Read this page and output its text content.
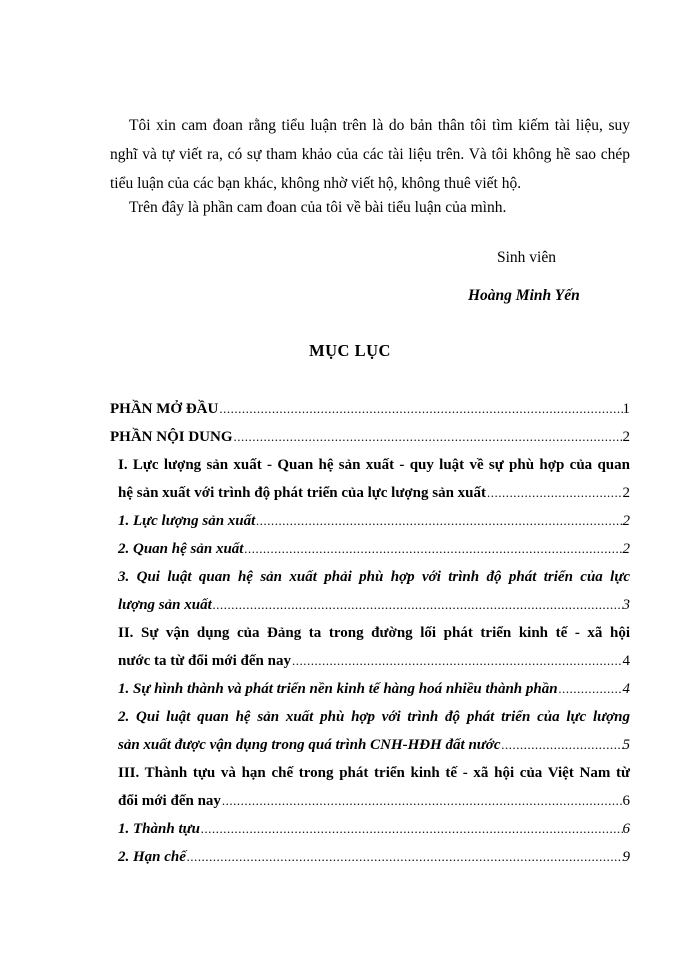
Tôi xin cam đoan rằng tiểu luận trên là do bản thân tôi tìm kiếm tài liệu, suy nghĩ và tự viết ra, có sự tham khảo của các tài liệu trên. Và tôi không hề sao chép tiểu luận của các bạn khác, không nhờ viết hộ, không thuê viết hộ.

Trên đây là phần cam đoan của tôi về bài tiểu luận của mình.

Sinh viên
Hoàng Minh Yến
MỤC LỤC
PHẦN MỞ ĐẦU .....	1
PHẦN NỘI DUNG .....	2
I. Lực lượng sản xuất - Quan hệ sản xuất - quy luật về sự phù hợp của quan
hệ sản xuất với trình độ phát triển của lực lượng sản xuất .....	2
1. Lực lượng sản xuất .....	2
2. Quan hệ sản xuất .....	2
3. Qui luật quan hệ sản xuất phải phù hợp với trình độ phát triển của lực
lượng sản xuất .....	3
II. Sự vận dụng của Đảng ta trong đường lối phát triển kinh tế - xã hội
nước ta từ đổi mới đến nay .....	4
1. Sự hình thành và phát triển nền kinh tế hàng hoá nhiều thành phần .....	4
2. Qui luật quan hệ sản xuất phù hợp với trình độ phát triển của lực lượng
sản xuất được vận dụng trong quá trình CNH-HĐH đất nước .....	5
III. Thành tựu và hạn chế trong phát triển kinh tế - xã hội của Việt Nam từ
đổi mới đến nay .....	6
1. Thành tựu .....	6
2. Hạn chế .....	9
